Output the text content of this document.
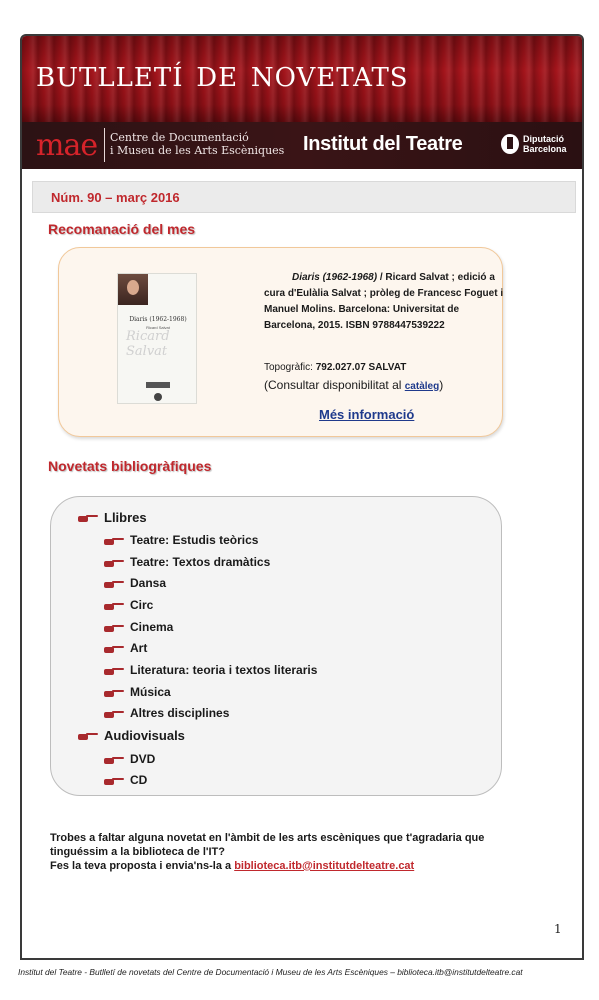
butlletí de novetats
mae Centre de Documentació
i Museu de les Arts Escèniques Institut del Teatre	Diputació
Barcelona
Núm. 90 – març 2016
Recomanació del mes
Diaris (1962-1968)
Ricard Salvat
Ricard Salvat
Diaris (1962-1968) / Ricard Salvat ; edició a cura d'Eulàlia Salvat ; pròleg de Francesc Foguet i Manuel Molins. Barcelona: Universitat de Barcelona, 2015. ISBN 9788447539222
Topogràfic: 792.027.07 SALVAT
(Consultar disponibilitat al catàleg)
Més informació
Novetats bibliogràfiques
Llibres
Teatre: Estudis teòrics
Teatre: Textos dramàtics
Dansa
Circ
Cinema
Art
Literatura: teoria i textos literaris
Música
Altres disciplines
Audiovisuals
DVD
CD
Trobes a faltar alguna novetat en l'àmbit de les arts escèniques que t'agradaria que
tinguéssim a la biblioteca de l'IT?
Fes la teva proposta i envia'ns-la a biblioteca.itb@institutdelteatre.cat
1
Institut del Teatre - Butlletí de novetats del Centre de Documentació i Museu de les Arts Escèniques – biblioteca.itb@institutdelteatre.cat
